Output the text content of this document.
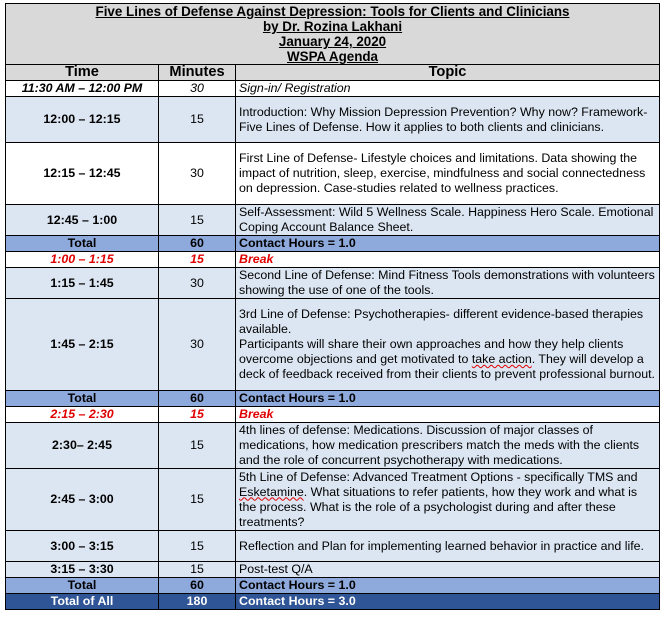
Five Lines of Defense Against Depression: Tools for Clients and Clinicians
by Dr. Rozina Lakhani
January 24, 2020
WSPA Agenda		

Time	Minutes	Topic
11:30 AM – 12:00 PM	30	Sign-in/ Registration
12:00 – 12:15	15	Introduction: Why Mission Depression Prevention? Why now? Framework-Five Lines of Defense. How it applies to both clients and clinicians.
12:15 – 12:45	30	First Line of Defense- Lifestyle choices and limitations. Data showing the impact of nutrition, sleep, exercise, mindfulness and social connectedness on depression. Case-studies related to wellness practices.
12:45 – 1:00	15	Self-Assessment: Wild 5 Wellness Scale. Happiness Hero Scale. Emotional Coping Account Balance Sheet.
Total	60	Contact Hours = 1.0
1:00 – 1:15	15	Break
1:15 – 1:45	30	Second Line of Defense: Mind Fitness Tools demonstrations with volunteers showing the use of one of the tools.
1:45 – 2:15	30	3rd Line of Defense: Psychotherapies- different evidence-based therapies available.
Participants will share their own approaches and how they help clients overcome objections and get motivated to take action. They will develop a deck of feedback received from their clients to prevent professional burnout.

Total	60	Contact Hours = 1.0
2:15 – 2:30	15	Break
2:30– 2:45	15	4th lines of defense: Medications. Discussion of major classes of medications, how medication prescribers match the meds with the clients and the role of concurrent psychotherapy with medications.
2:45 – 3:00	15	5th Line of Defense: Advanced Treatment Options - specifically TMS and Esketamine. What situations to refer patients, how they work and what is the process. What is the role of a psychologist during and after these treatments?
3:00 – 3:15	15	Reflection and Plan for implementing learned behavior in practice and life.
3:15 – 3:30	15	Post-test Q/A
Total	60	Contact Hours = 1.0
Total of All	180	Contact Hours = 3.0
